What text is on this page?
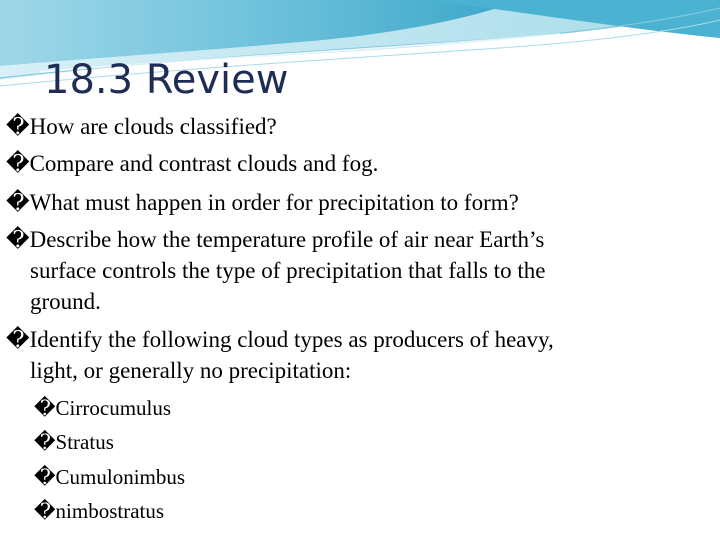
18.3 Review
�How are clouds classified?
�Compare and contrast clouds and fog.
�What must happen in order for precipitation to form?
�Describe how the temperature profile of air near Earth’s
surface controls the type of precipitation that falls to the
ground.
�Identify the following cloud types as producers of heavy,
light, or generally no precipitation:
�Cirrocumulus
�Stratus
�Cumulonimbus
�nimbostratus
